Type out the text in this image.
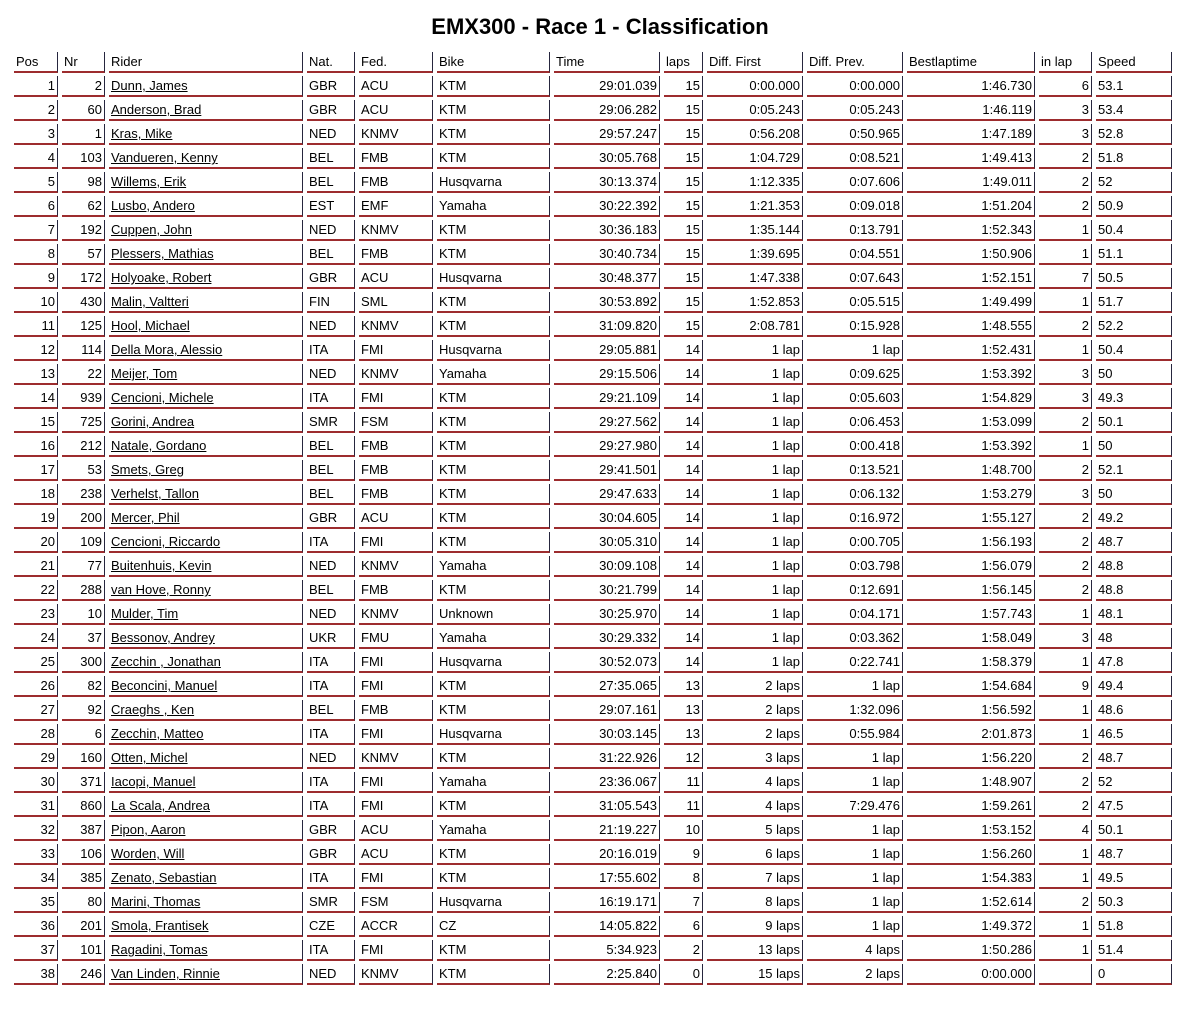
EMX300 - Race 1 - Classification
Pos	Nr	Rider	Nat.	Fed.	Bike	Time	laps	Diff. First	Diff. Prev.	Bestlaptime	in lap	Speed
1	2	Dunn, James	GBR	ACU	KTM	29:01.039	15	0:00.000	0:00.000	1:46.730	6	53.1
2	60	Anderson, Brad	GBR	ACU	KTM	29:06.282	15	0:05.243	0:05.243	1:46.119	3	53.4
3	1	Kras, Mike	NED	KNMV	KTM	29:57.247	15	0:56.208	0:50.965	1:47.189	3	52.8
4	103	Vandueren, Kenny	BEL	FMB	KTM	30:05.768	15	1:04.729	0:08.521	1:49.413	2	51.8
5	98	Willems, Erik	BEL	FMB	Husqvarna	30:13.374	15	1:12.335	0:07.606	1:49.011	2	52
6	62	Lusbo, Andero	EST	EMF	Yamaha	30:22.392	15	1:21.353	0:09.018	1:51.204	2	50.9
7	192	Cuppen, John	NED	KNMV	KTM	30:36.183	15	1:35.144	0:13.791	1:52.343	1	50.4
8	57	Plessers, Mathias	BEL	FMB	KTM	30:40.734	15	1:39.695	0:04.551	1:50.906	1	51.1
9	172	Holyoake, Robert	GBR	ACU	Husqvarna	30:48.377	15	1:47.338	0:07.643	1:52.151	7	50.5
10	430	Malin, Valtteri	FIN	SML	KTM	30:53.892	15	1:52.853	0:05.515	1:49.499	1	51.7
11	125	Hool, Michael	NED	KNMV	KTM	31:09.820	15	2:08.781	0:15.928	1:48.555	2	52.2
12	114	Della Mora, Alessio	ITA	FMI	Husqvarna	29:05.881	14	1 lap	1 lap	1:52.431	1	50.4
13	22	Meijer, Tom	NED	KNMV	Yamaha	29:15.506	14	1 lap	0:09.625	1:53.392	3	50
14	939	Cencioni, Michele	ITA	FMI	KTM	29:21.109	14	1 lap	0:05.603	1:54.829	3	49.3
15	725	Gorini, Andrea	SMR	FSM	KTM	29:27.562	14	1 lap	0:06.453	1:53.099	2	50.1
16	212	Natale, Gordano	BEL	FMB	KTM	29:27.980	14	1 lap	0:00.418	1:53.392	1	50
17	53	Smets, Greg	BEL	FMB	KTM	29:41.501	14	1 lap	0:13.521	1:48.700	2	52.1
18	238	Verhelst, Tallon	BEL	FMB	KTM	29:47.633	14	1 lap	0:06.132	1:53.279	3	50
19	200	Mercer, Phil	GBR	ACU	KTM	30:04.605	14	1 lap	0:16.972	1:55.127	2	49.2
20	109	Cencioni, Riccardo	ITA	FMI	KTM	30:05.310	14	1 lap	0:00.705	1:56.193	2	48.7
21	77	Buitenhuis, Kevin	NED	KNMV	Yamaha	30:09.108	14	1 lap	0:03.798	1:56.079	2	48.8
22	288	van Hove, Ronny	BEL	FMB	KTM	30:21.799	14	1 lap	0:12.691	1:56.145	2	48.8
23	10	Mulder, Tim	NED	KNMV	Unknown	30:25.970	14	1 lap	0:04.171	1:57.743	1	48.1
24	37	Bessonov, Andrey	UKR	FMU	Yamaha	30:29.332	14	1 lap	0:03.362	1:58.049	3	48
25	300	Zecchin , Jonathan	ITA	FMI	Husqvarna	30:52.073	14	1 lap	0:22.741	1:58.379	1	47.8
26	82	Beconcini, Manuel	ITA	FMI	KTM	27:35.065	13	2 laps	1 lap	1:54.684	9	49.4
27	92	Craeghs , Ken	BEL	FMB	KTM	29:07.161	13	2 laps	1:32.096	1:56.592	1	48.6
28	6	Zecchin, Matteo	ITA	FMI	Husqvarna	30:03.145	13	2 laps	0:55.984	2:01.873	1	46.5
29	160	Otten, Michel	NED	KNMV	KTM	31:22.926	12	3 laps	1 lap	1:56.220	2	48.7
30	371	Iacopi, Manuel	ITA	FMI	Yamaha	23:36.067	11	4 laps	1 lap	1:48.907	2	52
31	860	La Scala, Andrea	ITA	FMI	KTM	31:05.543	11	4 laps	7:29.476	1:59.261	2	47.5
32	387	Pipon, Aaron	GBR	ACU	Yamaha	21:19.227	10	5 laps	1 lap	1:53.152	4	50.1
33	106	Worden, Will	GBR	ACU	KTM	20:16.019	9	6 laps	1 lap	1:56.260	1	48.7
34	385	Zenato, Sebastian	ITA	FMI	KTM	17:55.602	8	7 laps	1 lap	1:54.383	1	49.5
35	80	Marini, Thomas	SMR	FSM	Husqvarna	16:19.171	7	8 laps	1 lap	1:52.614	2	50.3
36	201	Smola, Frantisek	CZE	ACCR	CZ	14:05.822	6	9 laps	1 lap	1:49.372	1	51.8
37	101	Ragadini, Tomas	ITA	FMI	KTM	5:34.923	2	13 laps	4 laps	1:50.286	1	51.4
38	246	Van Linden, Rinnie	NED	KNMV	KTM	2:25.840	0	15 laps	2 laps	0:00.000		0
